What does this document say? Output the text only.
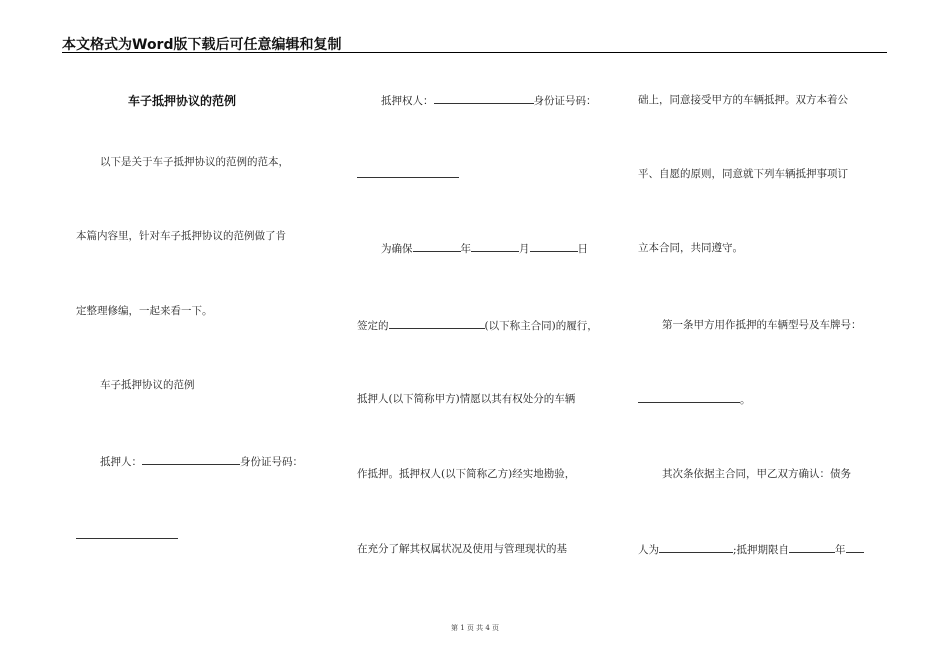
本文格式为Word版下载后可任意编辑和复制
车子抵押协议的范例
以下是关于车子抵押协议的范例的范本，
本篇内容里，针对车子抵押协议的范例做了肯
定整理修编，一起来看一下。
车子抵押协议的范例
抵押人：	身份证号码：
抵押权人：	身份证号码：
为确保	年	月	日
签定的	(以下称主合同)的履行，
抵押人(以下简称甲方)情愿以其有权处分的车辆
作抵押。抵押权人(以下简称乙方)经实地勘验，
在充分了解其权属状况及使用与管理现状的基
础上，同意接受甲方的车辆抵押。双方本着公
平、自愿的原则，同意就下列车辆抵押事项订
立本合同，共同遵守。
第一条甲方用作抵押的车辆型号及车牌号：
。
其次条依据主合同，甲乙双方确认：债务
人为	;抵押期限自	年
第 1 页 共 4 页
